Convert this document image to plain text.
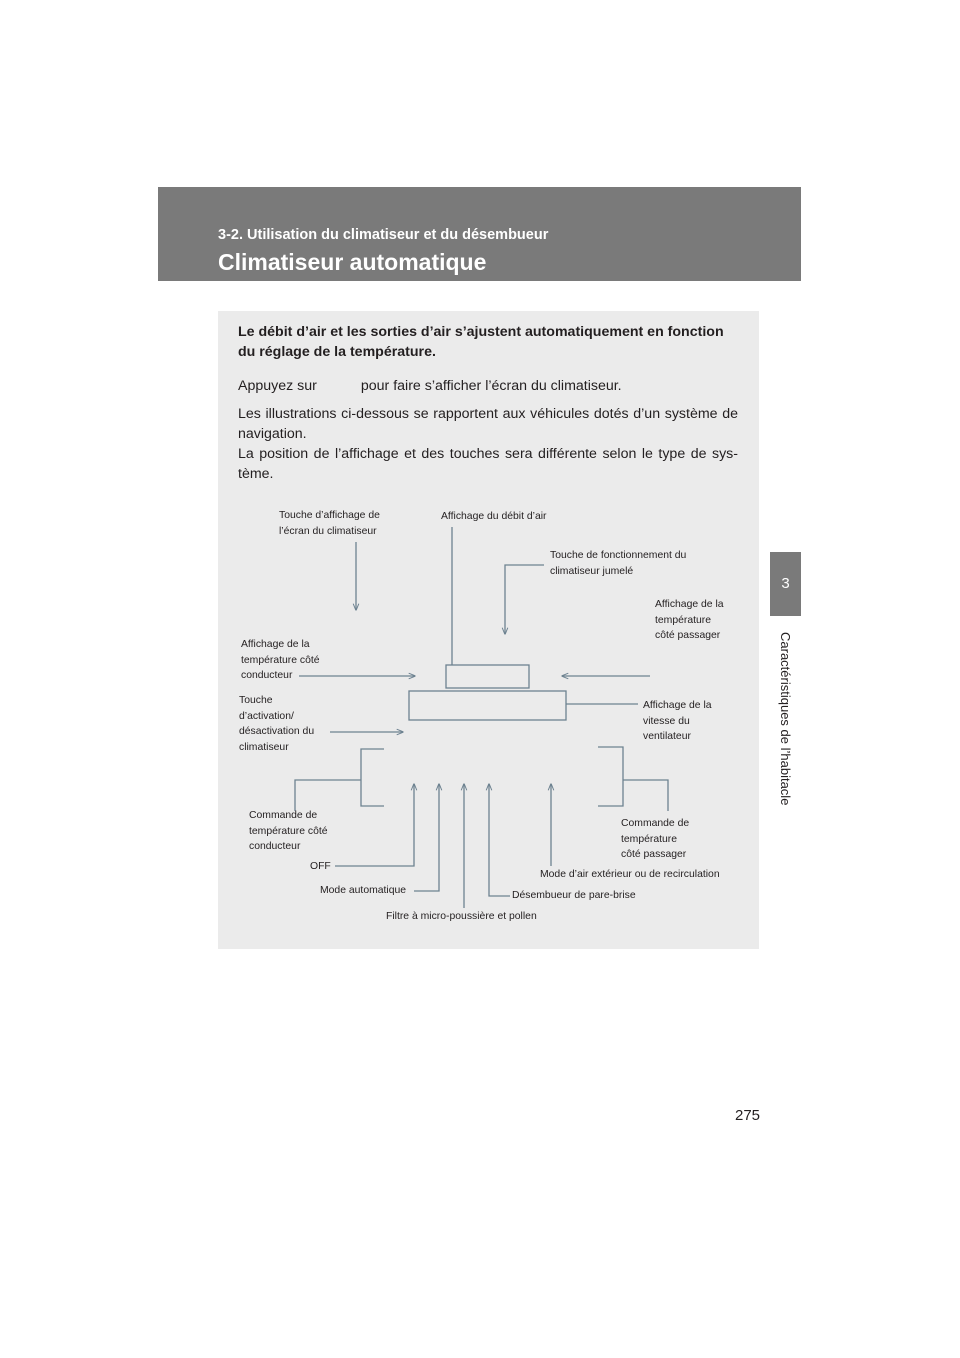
3-2. Utilisation du climatiseur et du désembueur
Climatiseur automatique
3
Caractéristiques de l’habitacle
Le débit d’air et les sorties d’air s’ajustent automatiquement en fonction du réglage de la température.
Appuyez sur	pour faire s’afficher l’écran du climatiseur.
Les illustrations ci-dessous se rapportent aux véhicules dotés d’un système de navigation.
La position de l’affichage et des touches sera différente selon le type de sys-tème.
Touche d’affichage de
l’écran du climatiseur
Affichage du débit d’air
Touche de fonctionnement du
climatiseur jumelé
Affichage de la
température
côté passager
Affichage de la
température côté
conducteur
Touche
d’activation/
désactivation du
climatiseur
Affichage de la
vitesse du
ventilateur
Commande de
température côté
conducteur
Commande de
température
côté passager
OFF
Mode automatique
Filtre à micro-poussière et pollen
Désembueur de pare-brise
Mode d’air extérieur ou de recirculation
275
